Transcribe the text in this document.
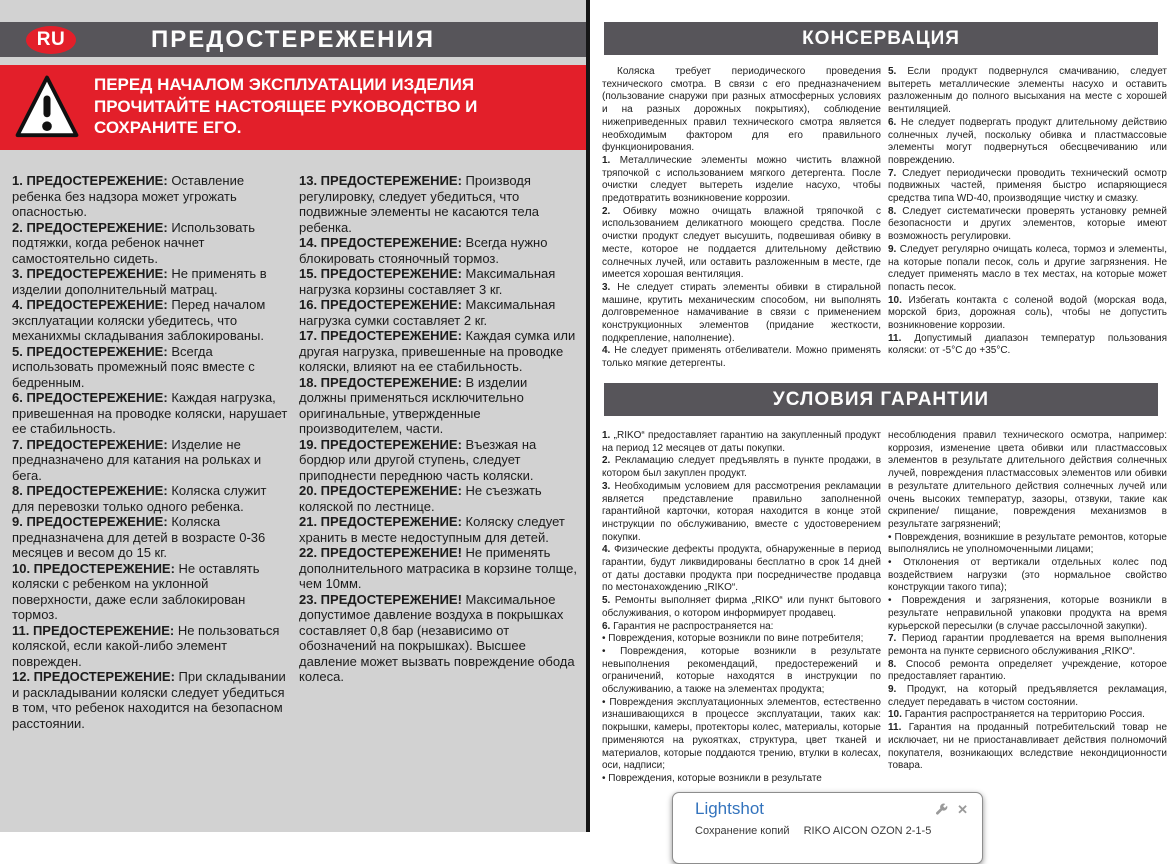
RU	ПРЕДОСТЕРЕЖЕНИЯ
ПЕРЕД НАЧАЛОМ ЭКСПЛУАТАЦИИ ИЗДЕЛИЯ ПРОЧИТАЙТЕ НАСТОЯЩЕЕ РУКОВОДСТВО И СОХРАНИТЕ ЕГО.

1. ПРЕДОСТЕРЕЖЕНИЕ: Оставление ребенка без надзора может угрожать опасностью.

2. ПРЕДОСТЕРЕЖЕНИЕ: Использовать подтяжки, когда ребенок начнет самостоятельно сидеть.

3. ПРЕДОСТЕРЕЖЕНИЕ: Не применять в изделии дополнительный матрац.

4. ПРЕДОСТЕРЕЖЕНИЕ: Перед началом эксплуатации коляски убедитесь, что механихмы складывания заблокированы.

5. ПРЕДОСТЕРЕЖЕНИЕ: Всегда использовать промежный пояс вместе с бедренным.

6. ПРЕДОСТЕРЕЖЕНИЕ: Каждая нагрузка, привешенная на проводке коляски, нарушает ее стабильность.

7. ПРЕДОСТЕРЕЖЕНИЕ: Изделие не предназначено для катания на рольках и бега.

8. ПРЕДОСТЕРЕЖЕНИЕ: Коляска служит для перевозки только одного ребенка.

9. ПРЕДОСТЕРЕЖЕНИЕ: Коляска предназначена для детей в возрасте 0-36 месяцев и весом до 15 кг.

10. ПРЕДОСТЕРЕЖЕНИЕ: Не оставлять коляски с ребенком на уклонной поверхности, даже если заблокирован тормоз.

11. ПРЕДОСТЕРЕЖЕНИЕ: Не пользоваться коляской, если какой-либо элемент поврежден.

12. ПРЕДОСТЕРЕЖЕНИЕ: При складывании и раскладывании коляски следует убедиться в том, что ребенок находится на безопасном расстоянии.

13. ПРЕДОСТЕРЕЖЕНИЕ: Производя регулировку, следует убедиться, что подвижные элементы не касаются тела ребенка.

14. ПРЕДОСТЕРЕЖЕНИЕ: Всегда нужно блокировать стояночный тормоз.

15. ПРЕДОСТЕРЕЖЕНИЕ: Максимальная нагрузка корзины составляет 3 кг.

16. ПРЕДОСТЕРЕЖЕНИЕ: Максимальная нагрузка сумки составляет 2 кг.

17. ПРЕДОСТЕРЕЖЕНИЕ: Каждая сумка или другая нагрузка, привешенные на проводке коляски, влияют на ее стабильность.

18. ПРЕДОСТЕРЕЖЕНИЕ: В изделии должны применяться исключительно оригинальные, утвержденные производителем, части.

19. ПРЕДОСТЕРЕЖЕНИЕ: Въезжая на бордюр или другой ступень, следует приподнести переднюю часть коляски.

20. ПРЕДОСТЕРЕЖЕНИЕ: Не съезжать коляской по лестнице.

21. ПРЕДОСТЕРЕЖЕНИЕ: Коляску следует хранить в месте недоступным для детей.

22. ПРЕДОСТЕРЕЖЕНИЕ! Не применять дополнительного матрасика в корзине толще, чем 10мм.

23. ПРЕДОСТЕРЕЖЕНИЕ! Максимальное допустимое давление воздуха в покрышках составляет 0,8 бар (независимо от обозначений на покрышках). Высшее давление может вызвать повреждение обода колеса.

КОНСЕРВАЦИЯ

Коляска требует периодического проведения технического смотра. В связи с его предназначением (пользование снаружи при разных атмосферных условиях и на разных дорожных покрытиях), соблюдение нижеприведенных правил технического смотра является необходимым фактором для его правильного функционирования.

1. Металлические элементы можно чистить влажной тряпочкой с использованием мягкого детергента. После очистки следует вытереть изделие насухо, чтобы предотвратить возникновение коррозии.

2. Обивку можно очищать влажной тряпочкой с использованием деликатного моющего средства. После очистки продукт следует высушить, подвешивая обивку в месте, которое не поддается длительному действию солнечных лучей, или оставить разложенным в месте, где имеется хорошая вентиляция.

3. Не следует стирать элементы обивки в стиральной машине, крутить механическим способом, ни выполнять долговременное намачивание в связи с применением конструкционных элементов (придание жесткости, подкрепление, наполнение).

4. Не следует применять отбеливатели. Можно применять только мягкие детергенты.

5. Если продукт подвернулся смачиванию, следует вытереть металлические элементы насухо и оставить разложенным до полного высыхания на месте с хорошей вентиляцией.

6. Не следует подвергать продукт длительному действию солнечных лучей, поскольку обивка и пластмассовые элементы могут подвернуться обесцвечиванию или повреждению.

7. Следует периодически проводить технический осмотр подвижных частей, применяя быстро испаряющиеся средства типа WD-40, производящие чистку и смазку.

8. Следует систематически проверять установку ремней безопасности и других элементов, которые имеют возможность регулировки.

9. Следует регулярно очищать колеса, тормоз и элементы, на которые попали песок, соль и другие загрязнения. Не следует применять масло в тех местах, на которые может попасть песок.

10. Избегать контакта с соленой водой (морская вода, морской бриз, дорожная соль), чтобы не допустить возникновение коррозии.

11. Допустимый диапазон температур пользования коляски: от -5°С до +35°С.

УСЛОВИЯ ГАРАНТИИ

1. „RIKO“ предоставляет гарантию на закупленный продукт на период 12 месяцев от даты покупки.

2. Рекламацию следует предъявлять в пункте продажи, в котором был закуплен продукт.

3. Необходимым условием для рассмотрения рекламации является представление правильно заполненной гарантийной карточки, которая находится в конце этой инструкции по обслуживанию, вместе с удостоверением покупки.

4. Физические дефекты продукта, обнаруженные в период гарантии, будут ликвидированы бесплатно в срок 14 дней от даты доставки продукта при посредничестве продавца по местонахождению „RIKO“.

5. Ремонты выполняет фирма „RIKO“ или пункт бытового обслуживания, о котором информирует продавец.

6. Гарантия не распространяется на:

• Повреждения, которые возникли по вине потребителя;

• Повреждения, которые возникли в результате невыполнения рекомендаций, предостережений и ограничений, которые находятся в инструкции по обслуживанию, а также на элементах продукта;

• Повреждения эксплуатационных элементов, естественно изнашивающихся в процессе эксплуатации, таких как: покрышки, камеры, протекторы колес, материалы, которые применяются на рукоятках, структура, цвет тканей и материалов, которые поддаются трению, втулки в колесах, оси, надписи;

• Повреждения, которые возникли в результате

несоблюдения правил технического осмотра, например: коррозия, изменение цвета обивки или пластмассовых элементов в результате длительного действия солнечных лучей, повреждения пластмассовых элементов или обивки в результате длительного действия солнечных лучей или очень высоких температур, зазоры, отзвуки, такие как скрипение/ пищание, повреждения механизмов в результате загрязнений;

• Повреждения, возникшие в результате ремонтов, которые выполнялись не уполномоченными лицами;

• Отклонения от вертикали отдельных колес под воздействием нагрузки (это нормальное свойство конструкции такого типа);

• Повреждения и загрязнения, которые возникли в результате неправильной упаковки продукта на время курьерской пересылки (в случае рассылочной закупки).

7. Период гарантии продлевается на время выполнения ремонта на пункте сервисного обслуживания „RIKO“.

8. Способ ремонта определяет учреждение, которое предоставляет гарантию.

9. Продукт, на который предъявляется рекламация, следует передавать в чистом состоянии.

10. Гарантия распространяется на территорию Россия.

11. Гарантия на проданный потребительский товар не исключает, ни не приостанавливает действия полномочий покупателя, возникающих вследствие некондиционности товара.

Lightshot	✕
Сохранение копий RIKO AICON OZON 2-1-5
